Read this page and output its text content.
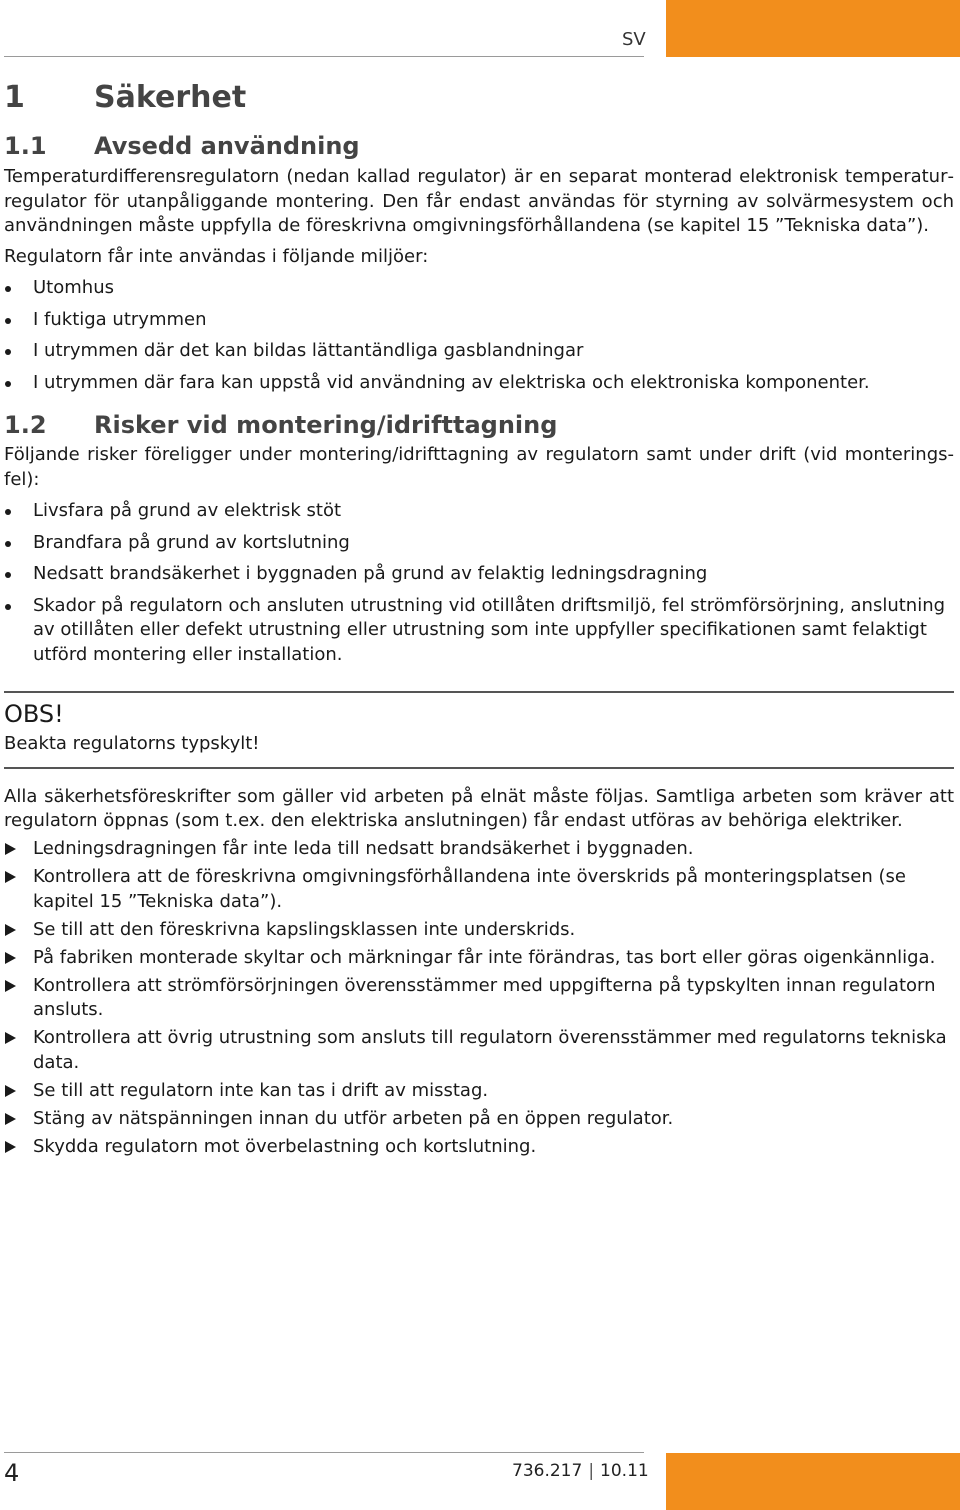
SV
1 Säkerhet
1.1 Avsedd användning

Temperaturdifferensregulatorn (nedan kallad regulator) är en separat monterad elektronisk temperaturregulator för utanpåliggande montering. Den får endast användas för styrning av solvärmesystem och användningen måste uppfylla de föreskrivna omgivningsförhållandena (se kapitel 15 ”Tekniska data”).

Regulatorn får inte användas i följande miljöer:

Utomhus
I fuktiga utrymmen
I utrymmen där det kan bildas lättantändliga gasblandningar
I utrymmen där fara kan uppstå vid användning av elektriska och elektroniska komponenter.
1.2 Risker vid montering/idrifttagning

Följande risker föreligger under montering/idrifttagning av regulatorn samt under drift (vid monteringsfel):

Livsfara på grund av elektrisk stöt
Brandfara på grund av kortslutning
Nedsatt brandsäkerhet i byggnaden på grund av felaktig ledningsdragning
Skador på regulatorn och ansluten utrustning vid otillåten driftsmiljö, fel strömförsörjning, anslutning av otillåten eller defekt utrustning eller utrustning som inte uppfyller specifikationen samt felaktigt utförd montering eller installation.
OBS!

Beakta regulatorns typskylt!

Alla säkerhetsföreskrifter som gäller vid arbeten på elnät måste följas. Samtliga arbeten som kräver att regulatorn öppnas (som t.ex. den elektriska anslutningen) får endast utföras av behöriga elektriker.

Ledningsdragningen får inte leda till nedsatt brandsäkerhet i byggnaden.
Kontrollera att de föreskrivna omgivningsförhållandena inte överskrids på monteringsplatsen (se kapitel 15 ”Tekniska data”).
Se till att den föreskrivna kapslingsklassen inte underskrids.
På fabriken monterade skyltar och märkningar får inte förändras, tas bort eller göras oigenkännliga.
Kontrollera att strömförsörjningen överensstämmer med uppgifterna på typskylten innan regulatorn ansluts.
Kontrollera att övrig utrustning som ansluts till regulatorn överensstämmer med regulatorns tekniska data.
Se till att regulatorn inte kan tas i drift av misstag.
Stäng av nätspänningen innan du utför arbeten på en öppen regulator.
Skydda regulatorn mot överbelastning och kortslutning.
4	736.217 | 10.11
